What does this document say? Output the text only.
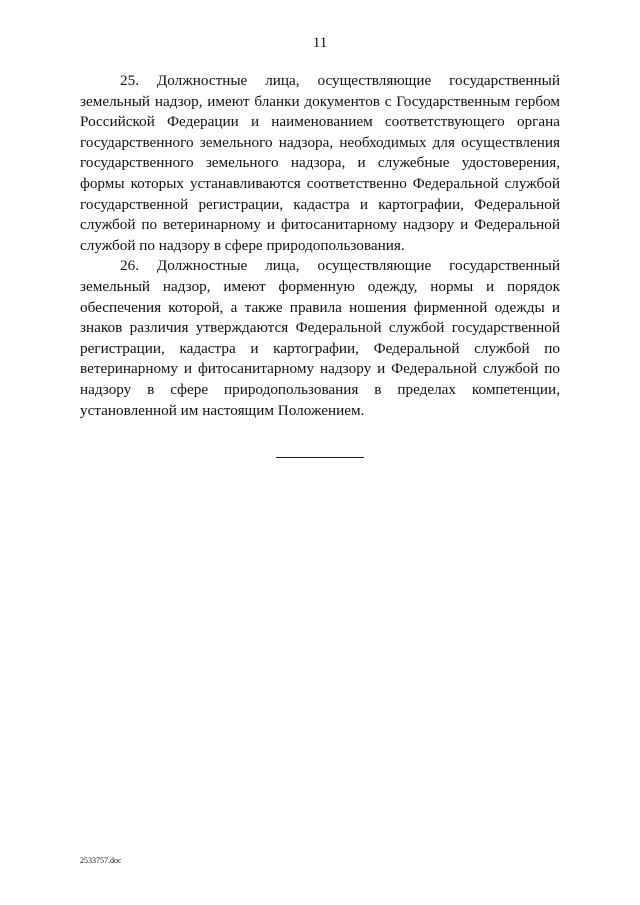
11

25. Должностные лица, осуществляющие государственный земельный надзор, имеют бланки документов с Государственным гербом Российской Федерации и наименованием соответствующего органа государственного земельного надзора, необходимых для осуществления государственного земельного надзора, и служебные удостоверения, формы которых устанавливаются соответственно Федеральной службой государственной регистрации, кадастра и картографии, Федеральной службой по ветеринарному и фитосанитарному надзору и Федеральной службой по надзору в сфере природопользования.

26. Должностные лица, осуществляющие государственный земельный надзор, имеют форменную одежду, нормы и порядок обеспечения которой, а также правила ношения фирменной одежды и знаков различия утверждаются Федеральной службой государственной регистрации, кадастра и картографии, Федеральной службой по ветеринарному и фитосанитарному надзору и Федеральной службой по надзору в сфере природопользования в пределах компетенции, установленной им настоящим Положением.

2533757.doc
